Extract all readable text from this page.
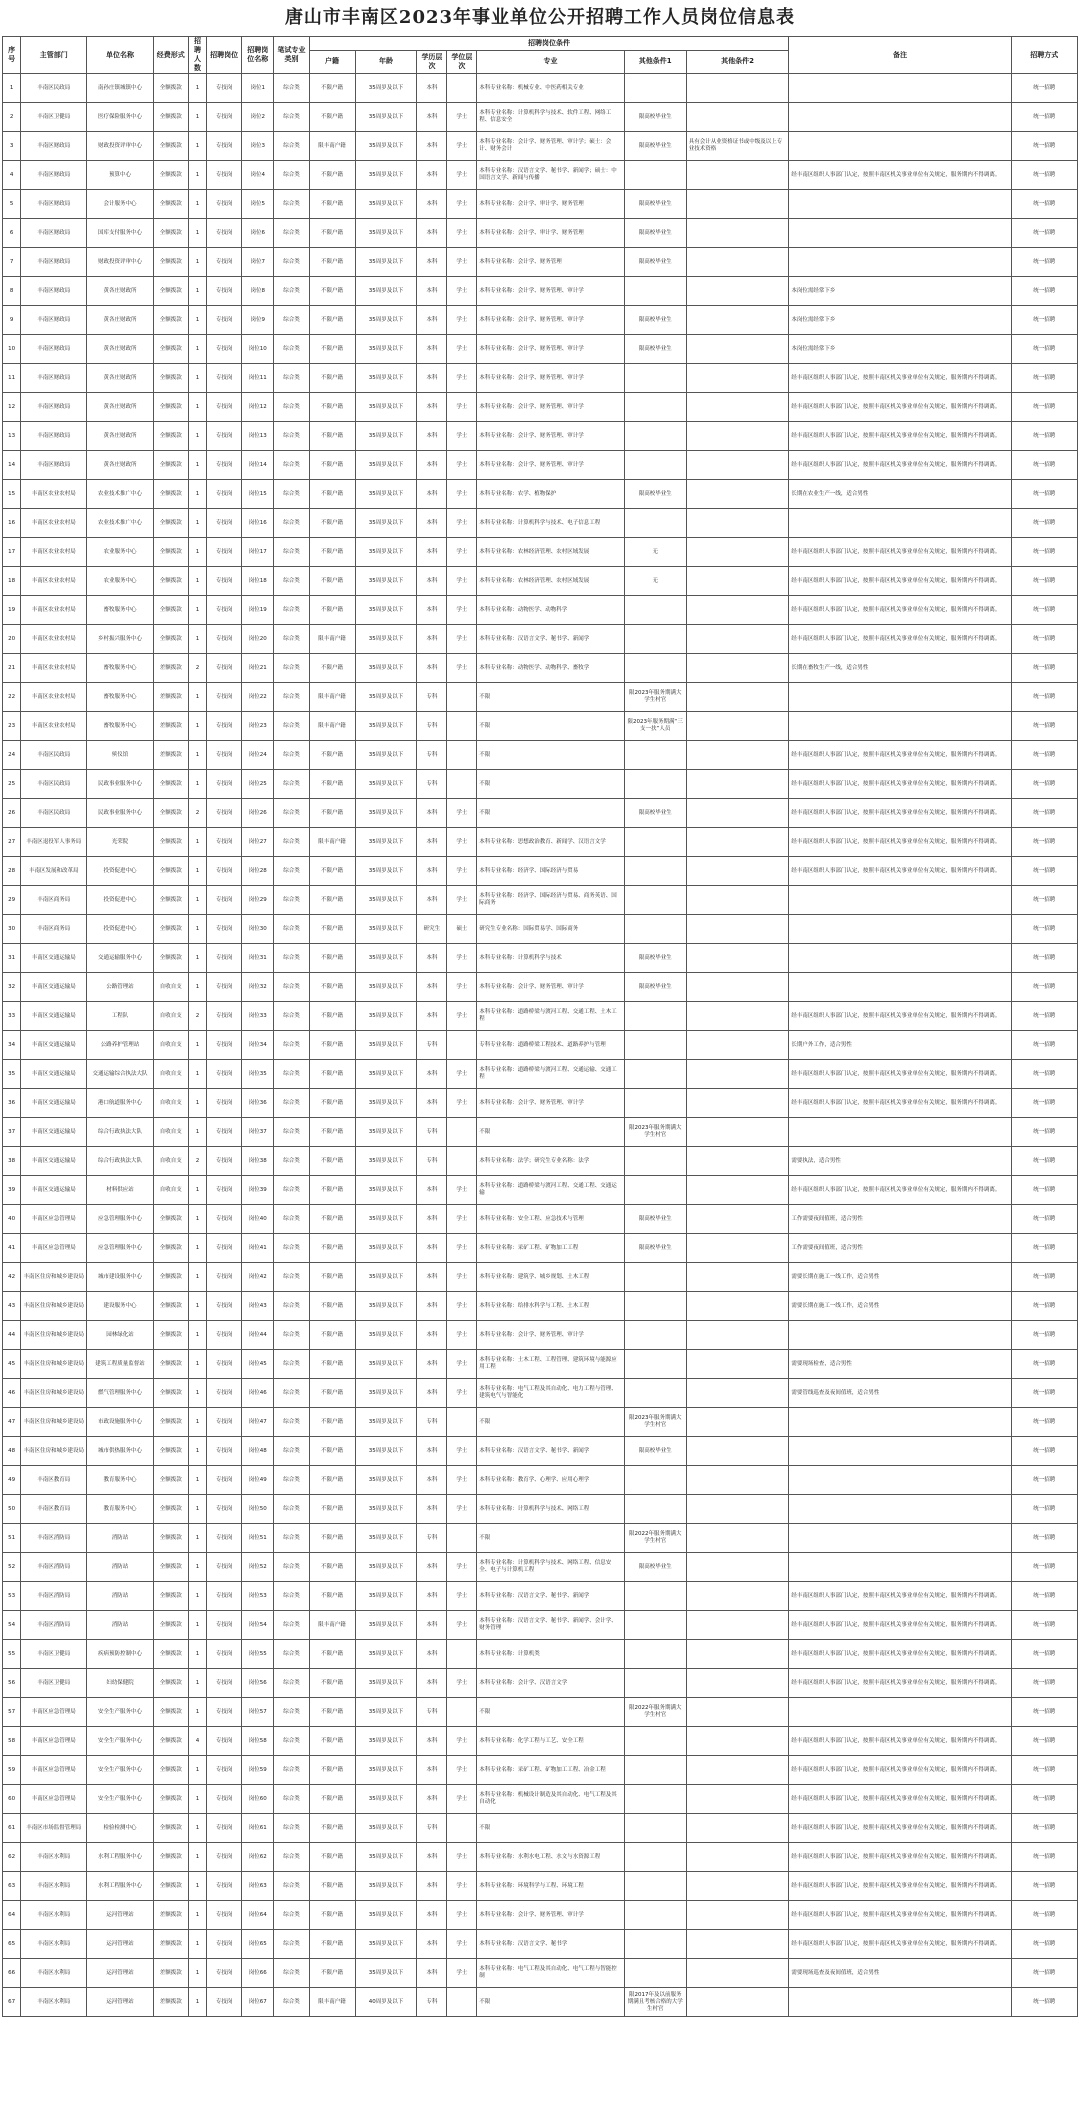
唐山市丰南区2023年事业单位公开招聘工作人员岗位信息表
序号	主管部门	单位名称	经费形式	招聘人数	招聘岗位	招聘岗位名称	笔试专业类别	招聘岗位条件							备注	招聘方式
								户籍	年龄	学历层次	学位层次	专业	其他条件1	其他条件2		
1	丰南区民政局	南孙庄镇城镇中心	全额拨款	1	专技岗	岗位1	综合类	不限户籍	35周岁及以下	本科		本科专业名称：机械专业、中医药相关专业				统一招聘
2	丰南区卫健局	医疗保险服务中心	全额拨款	1	专技岗	岗位2	综合类	不限户籍	35周岁及以下	本科	学士	本科专业名称：计算机科学与技术、软件工程、网络工程、信息安全	限高校毕业生			统一招聘
3	丰南区财政局	财政投资评审中心	全额拨款	1	专技岗	岗位3	综合类	限丰南户籍	35周岁及以下	本科	学士	本科专业名称：会计学、财务管理、审计学；硕士：会计、财务会计	限高校毕业生	具有会计从业资格证书或中级及以上专业技术资格		统一招聘
4	丰南区财政局	预算中心	全额拨款	1	专技岗	岗位4	综合类	不限户籍	35周岁及以下	本科	学士	本科专业名称：汉语言文学、秘书学、新闻学；硕士：中国语言文学、新闻与传播			经丰南区组织人事部门认定，按照丰南区机关事业单位有关规定，服务期内不得调离。	统一招聘
5	丰南区财政局	会计服务中心	全额拨款	1	专技岗	岗位5	综合类	不限户籍	35周岁及以下	本科	学士	本科专业名称：会计学、审计学、财务管理	限高校毕业生			统一招聘
6	丰南区财政局	国库支付服务中心	全额拨款	1	专技岗	岗位6	综合类	不限户籍	35周岁及以下	本科	学士	本科专业名称：会计学、审计学、财务管理	限高校毕业生			统一招聘
7	丰南区财政局	财政投资评审中心	全额拨款	1	专技岗	岗位7	综合类	不限户籍	35周岁及以下	本科	学士	本科专业名称：会计学、财务管理	限高校毕业生			统一招聘
8	丰南区财政局	黄各庄财政所	全额拨款	1	专技岗	岗位8	综合类	不限户籍	35周岁及以下	本科	学士	本科专业名称：会计学、财务管理、审计学			本岗位需经常下乡	统一招聘
9	丰南区财政局	黄各庄财政所	全额拨款	1	专技岗	岗位9	综合类	不限户籍	35周岁及以下	本科	学士	本科专业名称：会计学、财务管理、审计学	限高校毕业生		本岗位需经常下乡	统一招聘
10	丰南区财政局	黄各庄财政所	全额拨款	1	专技岗	岗位10	综合类	不限户籍	35周岁及以下	本科	学士	本科专业名称：会计学、财务管理、审计学	限高校毕业生		本岗位需经常下乡	统一招聘
11	丰南区财政局	黄各庄财政所	全额拨款	1	专技岗	岗位11	综合类	不限户籍	35周岁及以下	本科	学士	本科专业名称：会计学、财务管理、审计学			经丰南区组织人事部门认定，按照丰南区机关事业单位有关规定，服务期内不得调离。	统一招聘
12	丰南区财政局	黄各庄财政所	全额拨款	1	专技岗	岗位12	综合类	不限户籍	35周岁及以下	本科	学士	本科专业名称：会计学、财务管理、审计学			经丰南区组织人事部门认定，按照丰南区机关事业单位有关规定，服务期内不得调离。	统一招聘
13	丰南区财政局	黄各庄财政所	全额拨款	1	专技岗	岗位13	综合类	不限户籍	35周岁及以下	本科	学士	本科专业名称：会计学、财务管理、审计学			经丰南区组织人事部门认定，按照丰南区机关事业单位有关规定，服务期内不得调离。	统一招聘
14	丰南区财政局	黄各庄财政所	全额拨款	1	专技岗	岗位14	综合类	不限户籍	35周岁及以下	本科	学士	本科专业名称：会计学、财务管理、审计学			经丰南区组织人事部门认定，按照丰南区机关事业单位有关规定，服务期内不得调离。	统一招聘
15	丰南区农业农村局	农业技术推广中心	全额拨款	1	专技岗	岗位15	综合类	不限户籍	35周岁及以下	本科	学士	本科专业名称：农学、植物保护	限高校毕业生		长期在农业生产一线，适合男性	统一招聘
16	丰南区农业农村局	农业技术推广中心	全额拨款	1	专技岗	岗位16	综合类	不限户籍	35周岁及以下	本科	学士	本科专业名称：计算机科学与技术、电子信息工程				统一招聘
17	丰南区农业农村局	农业服务中心	全额拨款	1	专技岗	岗位17	综合类	不限户籍	35周岁及以下	本科	学士	本科专业名称：农林经济管理、农村区域发展	无		经丰南区组织人事部门认定，按照丰南区机关事业单位有关规定，服务期内不得调离。	统一招聘
18	丰南区农业农村局	农业服务中心	全额拨款	1	专技岗	岗位18	综合类	不限户籍	35周岁及以下	本科	学士	本科专业名称：农林经济管理、农村区域发展	无		经丰南区组织人事部门认定，按照丰南区机关事业单位有关规定，服务期内不得调离。	统一招聘
19	丰南区农业农村局	畜牧服务中心	全额拨款	1	专技岗	岗位19	综合类	不限户籍	35周岁及以下	本科	学士	本科专业名称：动物医学、动物科学			经丰南区组织人事部门认定，按照丰南区机关事业单位有关规定，服务期内不得调离。	统一招聘
20	丰南区农业农村局	乡村振兴服务中心	全额拨款	1	专技岗	岗位20	综合类	限丰南户籍	35周岁及以下	本科	学士	本科专业名称：汉语言文学、秘书学、新闻学			经丰南区组织人事部门认定，按照丰南区机关事业单位有关规定，服务期内不得调离。	统一招聘
21	丰南区农业农村局	畜牧服务中心	差额拨款	2	专技岗	岗位21	综合类	不限户籍	35周岁及以下	本科	学士	本科专业名称：动物医学、动物科学、畜牧学			长期在畜牧生产一线，适合男性	统一招聘
22	丰南区农业农村局	畜牧服务中心	差额拨款	1	专技岗	岗位22	综合类	限丰南户籍	35周岁及以下	专科		不限	限2023年服务期满大学生村官			统一招聘
23	丰南区农业农村局	畜牧服务中心	差额拨款	1	专技岗	岗位23	综合类	限丰南户籍	35周岁及以下	专科		不限	限2023年服务期满“三支一扶”人员			统一招聘
24	丰南区民政局	殡仪馆	差额拨款	1	专技岗	岗位24	综合类	不限户籍	35周岁及以下	专科		不限			经丰南区组织人事部门认定，按照丰南区机关事业单位有关规定，服务期内不得调离。	统一招聘
25	丰南区民政局	民政事业服务中心	全额拨款	1	专技岗	岗位25	综合类	不限户籍	35周岁及以下	专科		不限			经丰南区组织人事部门认定，按照丰南区机关事业单位有关规定，服务期内不得调离。	统一招聘
26	丰南区民政局	民政事业服务中心	全额拨款	2	专技岗	岗位26	综合类	不限户籍	35周岁及以下	本科	学士	不限	限高校毕业生		经丰南区组织人事部门认定，按照丰南区机关事业单位有关规定，服务期内不得调离。	统一招聘
27	丰南区退役军人事务局	光荣院	全额拨款	1	专技岗	岗位27	综合类	限丰南户籍	35周岁及以下	本科	学士	本科专业名称：思想政治教育、新闻学、汉语言文学			经丰南区组织人事部门认定，按照丰南区机关事业单位有关规定，服务期内不得调离。	统一招聘
28	丰南区发展和改革局	投资促进中心	全额拨款	1	专技岗	岗位28	综合类	不限户籍	35周岁及以下	本科	学士	本科专业名称：经济学、国际经济与贸易			经丰南区组织人事部门认定，按照丰南区机关事业单位有关规定，服务期内不得调离。	统一招聘
29	丰南区商务局	投资促进中心	全额拨款	1	专技岗	岗位29	综合类	不限户籍	35周岁及以下	本科	学士	本科专业名称：经济学、国际经济与贸易、商务英语、国际商务				统一招聘
30	丰南区商务局	投资促进中心	全额拨款	1	专技岗	岗位30	综合类	不限户籍	35周岁及以下	研究生	硕士	研究生专业名称：国际贸易学、国际商务				统一招聘
31	丰南区交通运输局	交通运输服务中心	全额拨款	1	专技岗	岗位31	综合类	不限户籍	35周岁及以下	本科	学士	本科专业名称：计算机科学与技术	限高校毕业生			统一招聘
32	丰南区交通运输局	公路管理站	自收自支	1	专技岗	岗位32	综合类	不限户籍	35周岁及以下	本科	学士	本科专业名称：会计学、财务管理、审计学	限高校毕业生			统一招聘
33	丰南区交通运输局	工程队	自收自支	2	专技岗	岗位33	综合类	不限户籍	35周岁及以下	本科	学士	本科专业名称：道路桥梁与渡河工程、交通工程、土木工程			经丰南区组织人事部门认定，按照丰南区机关事业单位有关规定，服务期内不得调离。	统一招聘
34	丰南区交通运输局	公路养护管理站	自收自支	1	专技岗	岗位34	综合类	不限户籍	35周岁及以下	专科		专科专业名称：道路桥梁工程技术、道路养护与管理			长期户外工作，适合男性	统一招聘
35	丰南区交通运输局	交通运输综合执法大队	自收自支	1	专技岗	岗位35	综合类	不限户籍	35周岁及以下	本科	学士	本科专业名称：道路桥梁与渡河工程、交通运输、交通工程			经丰南区组织人事部门认定，按照丰南区机关事业单位有关规定，服务期内不得调离。	统一招聘
36	丰南区交通运输局	港口航道服务中心	自收自支	1	专技岗	岗位36	综合类	不限户籍	35周岁及以下	本科	学士	本科专业名称：会计学、财务管理、审计学			经丰南区组织人事部门认定，按照丰南区机关事业单位有关规定，服务期内不得调离。	统一招聘
37	丰南区交通运输局	综合行政执法大队	自收自支	1	专技岗	岗位37	综合类	不限户籍	35周岁及以下	专科		不限	限2023年服务期满大学生村官			统一招聘
38	丰南区交通运输局	综合行政执法大队	自收自支	2	专技岗	岗位38	综合类	不限户籍	35周岁及以下	专科		本科专业名称：法学；研究生专业名称：法学			需要执法，适合男性	统一招聘
39	丰南区交通运输局	材料供应站	自收自支	1	专技岗	岗位39	综合类	不限户籍	35周岁及以下	本科	学士	本科专业名称：道路桥梁与渡河工程、交通工程、交通运输			经丰南区组织人事部门认定，按照丰南区机关事业单位有关规定，服务期内不得调离。	统一招聘
40	丰南区应急管理局	应急管理服务中心	全额拨款	1	专技岗	岗位40	综合类	不限户籍	35周岁及以下	本科	学士	本科专业名称：安全工程、应急技术与管理	限高校毕业生		工作需要夜间值班，适合男性	统一招聘
41	丰南区应急管理局	应急管理服务中心	全额拨款	1	专技岗	岗位41	综合类	不限户籍	35周岁及以下	本科	学士	本科专业名称：采矿工程、矿物加工工程	限高校毕业生		工作需要夜间值班，适合男性	统一招聘
42	丰南区住房和城乡建设局	城市建设服务中心	全额拨款	1	专技岗	岗位42	综合类	不限户籍	35周岁及以下	本科	学士	本科专业名称：建筑学、城乡规划、土木工程			需要长期在施工一线工作，适合男性	统一招聘
43	丰南区住房和城乡建设局	建设服务中心	全额拨款	1	专技岗	岗位43	综合类	不限户籍	35周岁及以下	本科	学士	本科专业名称：给排水科学与工程、土木工程			需要长期在施工一线工作，适合男性	统一招聘
44	丰南区住房和城乡建设局	园林绿化站	全额拨款	1	专技岗	岗位44	综合类	不限户籍	35周岁及以下	本科	学士	本科专业名称：会计学、财务管理、审计学				统一招聘
45	丰南区住房和城乡建设局	建筑工程质量监督站	全额拨款	1	专技岗	岗位45	综合类	不限户籍	35周岁及以下	本科	学士	本科专业名称：土木工程、工程管理、建筑环境与能源应用工程			需要现场检查，适合男性	统一招聘
46	丰南区住房和城乡建设局	燃气管理服务中心	全额拨款	1	专技岗	岗位46	综合类	不限户籍	35周岁及以下	本科	学士	本科专业名称：电气工程及其自动化、电力工程与管理、建筑电气与智能化			需要管线巡查及夜间值班，适合男性	统一招聘
47	丰南区住房和城乡建设局	市政设施服务中心	全额拨款	1	专技岗	岗位47	综合类	不限户籍	35周岁及以下	专科		不限	限2023年服务期满大学生村官			统一招聘
48	丰南区住房和城乡建设局	城市供热服务中心	全额拨款	1	专技岗	岗位48	综合类	不限户籍	35周岁及以下	本科	学士	本科专业名称：汉语言文学、秘书学、新闻学	限高校毕业生			统一招聘
49	丰南区教育局	教育服务中心	全额拨款	1	专技岗	岗位49	综合类	不限户籍	35周岁及以下	本科	学士	本科专业名称：教育学、心理学、应用心理学				统一招聘
50	丰南区教育局	教育服务中心	全额拨款	1	专技岗	岗位50	综合类	不限户籍	35周岁及以下	本科	学士	本科专业名称：计算机科学与技术、网络工程				统一招聘
51	丰南区消防局	消防站	全额拨款	1	专技岗	岗位51	综合类	不限户籍	35周岁及以下	专科		不限	限2022年服务期满大学生村官			统一招聘
52	丰南区消防局	消防站	全额拨款	1	专技岗	岗位52	综合类	不限户籍	35周岁及以下	本科	学士	本科专业名称：计算机科学与技术、网络工程、信息安全、电子与计算机工程	限高校毕业生			统一招聘
53	丰南区消防局	消防站	全额拨款	1	专技岗	岗位53	综合类	不限户籍	35周岁及以下	本科	学士	本科专业名称：汉语言文学、秘书学、新闻学			经丰南区组织人事部门认定，按照丰南区机关事业单位有关规定，服务期内不得调离。	统一招聘
54	丰南区消防局	消防站	全额拨款	1	专技岗	岗位54	综合类	限丰南户籍	35周岁及以下	本科	学士	本科专业名称：汉语言文学、秘书学、新闻学、会计学、财务管理			经丰南区组织人事部门认定，按照丰南区机关事业单位有关规定，服务期内不得调离。	统一招聘
55	丰南区卫健局	疾病预防控制中心	全额拨款	1	专技岗	岗位55	综合类	不限户籍	35周岁及以下	本科		本科专业名称：计算机类			经丰南区组织人事部门认定，按照丰南区机关事业单位有关规定，服务期内不得调离。	统一招聘
56	丰南区卫健局	妇幼保健院	全额拨款	1	专技岗	岗位56	综合类	不限户籍	35周岁及以下	本科	学士	本科专业名称：会计学、汉语言文学			经丰南区组织人事部门认定，按照丰南区机关事业单位有关规定，服务期内不得调离。	统一招聘
57	丰南区应急管理局	安全生产服务中心	全额拨款	1	专技岗	岗位57	综合类	不限户籍	35周岁及以下	专科		不限	限2022年服务期满大学生村官			统一招聘
58	丰南区应急管理局	安全生产服务中心	全额拨款	4	专技岗	岗位58	综合类	不限户籍	35周岁及以下	本科	学士	本科专业名称：化学工程与工艺、安全工程			经丰南区组织人事部门认定，按照丰南区机关事业单位有关规定，服务期内不得调离。	统一招聘
59	丰南区应急管理局	安全生产服务中心	全额拨款	1	专技岗	岗位59	综合类	不限户籍	35周岁及以下	本科	学士	本科专业名称：采矿工程、矿物加工工程、冶金工程			经丰南区组织人事部门认定，按照丰南区机关事业单位有关规定，服务期内不得调离。	统一招聘
60	丰南区应急管理局	安全生产服务中心	全额拨款	1	专技岗	岗位60	综合类	不限户籍	35周岁及以下	本科	学士	本科专业名称：机械设计制造及其自动化、电气工程及其自动化			经丰南区组织人事部门认定，按照丰南区机关事业单位有关规定，服务期内不得调离。	统一招聘
61	丰南区市场监督管理局	检验检测中心	全额拨款	1	专技岗	岗位61	综合类	不限户籍	35周岁及以下	专科		不限			经丰南区组织人事部门认定，按照丰南区机关事业单位有关规定，服务期内不得调离。	统一招聘
62	丰南区水利局	水利工程服务中心	全额拨款	1	专技岗	岗位62	综合类	不限户籍	35周岁及以下	本科	学士	本科专业名称：水利水电工程、水文与水资源工程			经丰南区组织人事部门认定，按照丰南区机关事业单位有关规定，服务期内不得调离。	统一招聘
63	丰南区水利局	水利工程服务中心	全额拨款	1	专技岗	岗位63	综合类	不限户籍	35周岁及以下	本科	学士	本科专业名称：环境科学与工程、环境工程			经丰南区组织人事部门认定，按照丰南区机关事业单位有关规定，服务期内不得调离。	统一招聘
64	丰南区水利局	运河管理站	差额拨款	1	专技岗	岗位64	综合类	不限户籍	35周岁及以下	本科	学士	本科专业名称：会计学、财务管理、审计学			经丰南区组织人事部门认定，按照丰南区机关事业单位有关规定，服务期内不得调离。	统一招聘
65	丰南区水利局	运河管理站	差额拨款	1	专技岗	岗位65	综合类	不限户籍	35周岁及以下	本科	学士	本科专业名称：汉语言文学、秘书学			经丰南区组织人事部门认定，按照丰南区机关事业单位有关规定，服务期内不得调离。	统一招聘
66	丰南区水利局	运河管理站	差额拨款	1	专技岗	岗位66	综合类	不限户籍	35周岁及以下	本科	学士	本科专业名称：电气工程及其自动化、电气工程与智能控制			需要现场巡查及夜间值班，适合男性	统一招聘
67	丰南区水利局	运河管理站	差额拨款	1	专技岗	岗位67	综合类	限丰南户籍	40周岁及以下	专科		不限	限2017年及以前服务期满且考核合格的大学生村官			统一招聘
